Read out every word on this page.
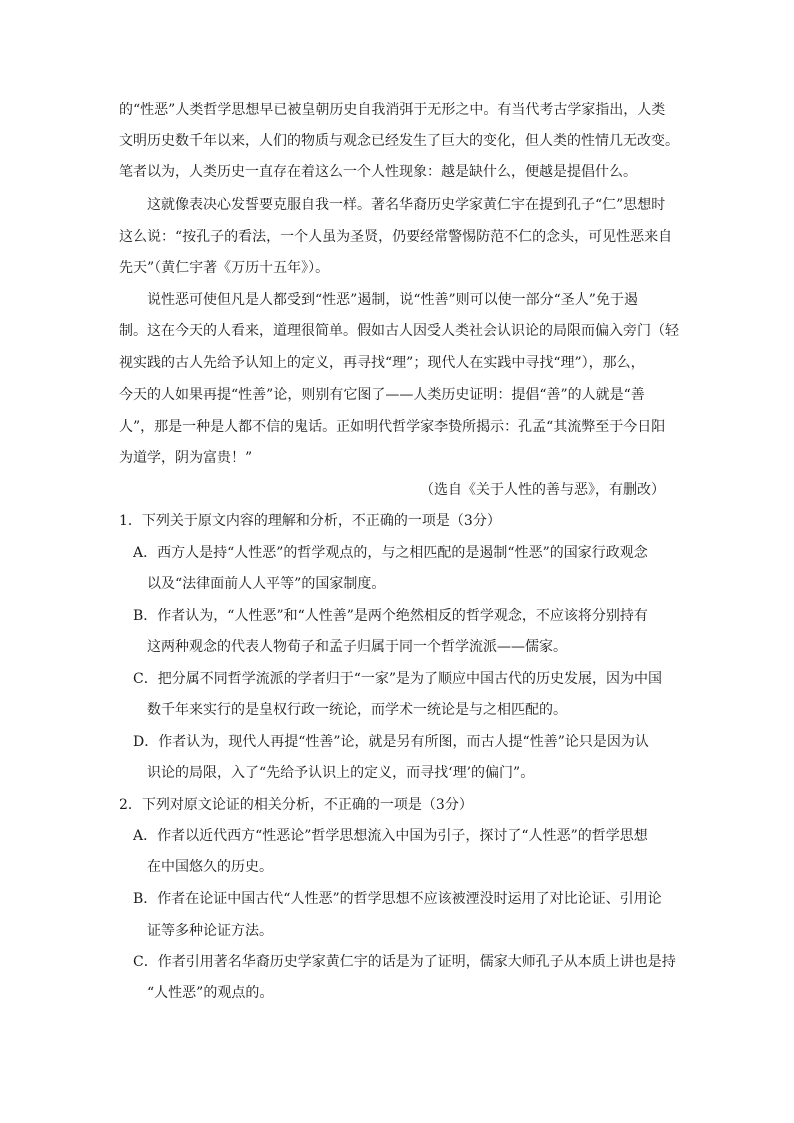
的“性恶”人类哲学思想早已被皇朝历史自我消弭于无形之中。有当代考古学家指出，人类
文明历史数千年以来，人们的物质与观念已经发生了巨大的变化，但人类的性情几无改变。
笔者以为，人类历史一直存在着这么一个人性现象：越是缺什么，便越是提倡什么。
这就像表决心发誓要克服自我一样。著名华裔历史学家黄仁宇在提到孔子“仁”思想时
这么说：“按孔子的看法，一个人虽为圣贤，仍要经常警惕防范不仁的念头，可见性恶来自
先天”（黄仁宇著《万历十五年》）。
说性恶可使但凡是人都受到“性恶”遏制，说“性善”则可以使一部分“圣人”免于遏
制。这在今天的人看来，道理很简单。假如古人因受人类社会认识论的局限而偏入旁门（轻
视实践的古人先给予认知上的定义，再寻找“理”；现代人在实践中寻找“理”），那么，
今天的人如果再提“性善”论，则别有它图了——人类历史证明：提倡“善”的人就是“善
人”，那是一种是人都不信的鬼话。正如明代哲学家李贽所揭示：孔孟“其流弊至于今日阳
为道学，阴为富贵！”
（选自《关于人性的善与恶》，有删改）
1．下列关于原文内容的理解和分析，不正确的一项是（3分）
A．西方人是持“人性恶”的哲学观点的，与之相匹配的是遏制“性恶”的国家行政观念
以及“法律面前人人平等”的国家制度。
B．作者认为，“人性恶”和“人性善”是两个绝然相反的哲学观念，不应该将分别持有
这两种观念的代表人物荀子和孟子归属于同一个哲学流派——儒家。
C．把分属不同哲学流派的学者归于“一家”是为了顺应中国古代的历史发展，因为中国
数千年来实行的是皇权行政一统论，而学术一统论是与之相匹配的。
D．作者认为，现代人再提“性善”论，就是另有所图，而古人提“性善”论只是因为认
识论的局限，入了“先给予认识上的定义，而寻找‘理’的偏门”。
2．下列对原文论证的相关分析，不正确的一项是（3分）
A．作者以近代西方“性恶论”哲学思想流入中国为引子，探讨了“人性恶”的哲学思想
在中国悠久的历史。
B．作者在论证中国古代“人性恶”的哲学思想不应该被湮没时运用了对比论证、引用论
证等多种论证方法。
C．作者引用著名华裔历史学家黄仁宇的话是为了证明，儒家大师孔子从本质上讲也是持
“人性恶”的观点的。
